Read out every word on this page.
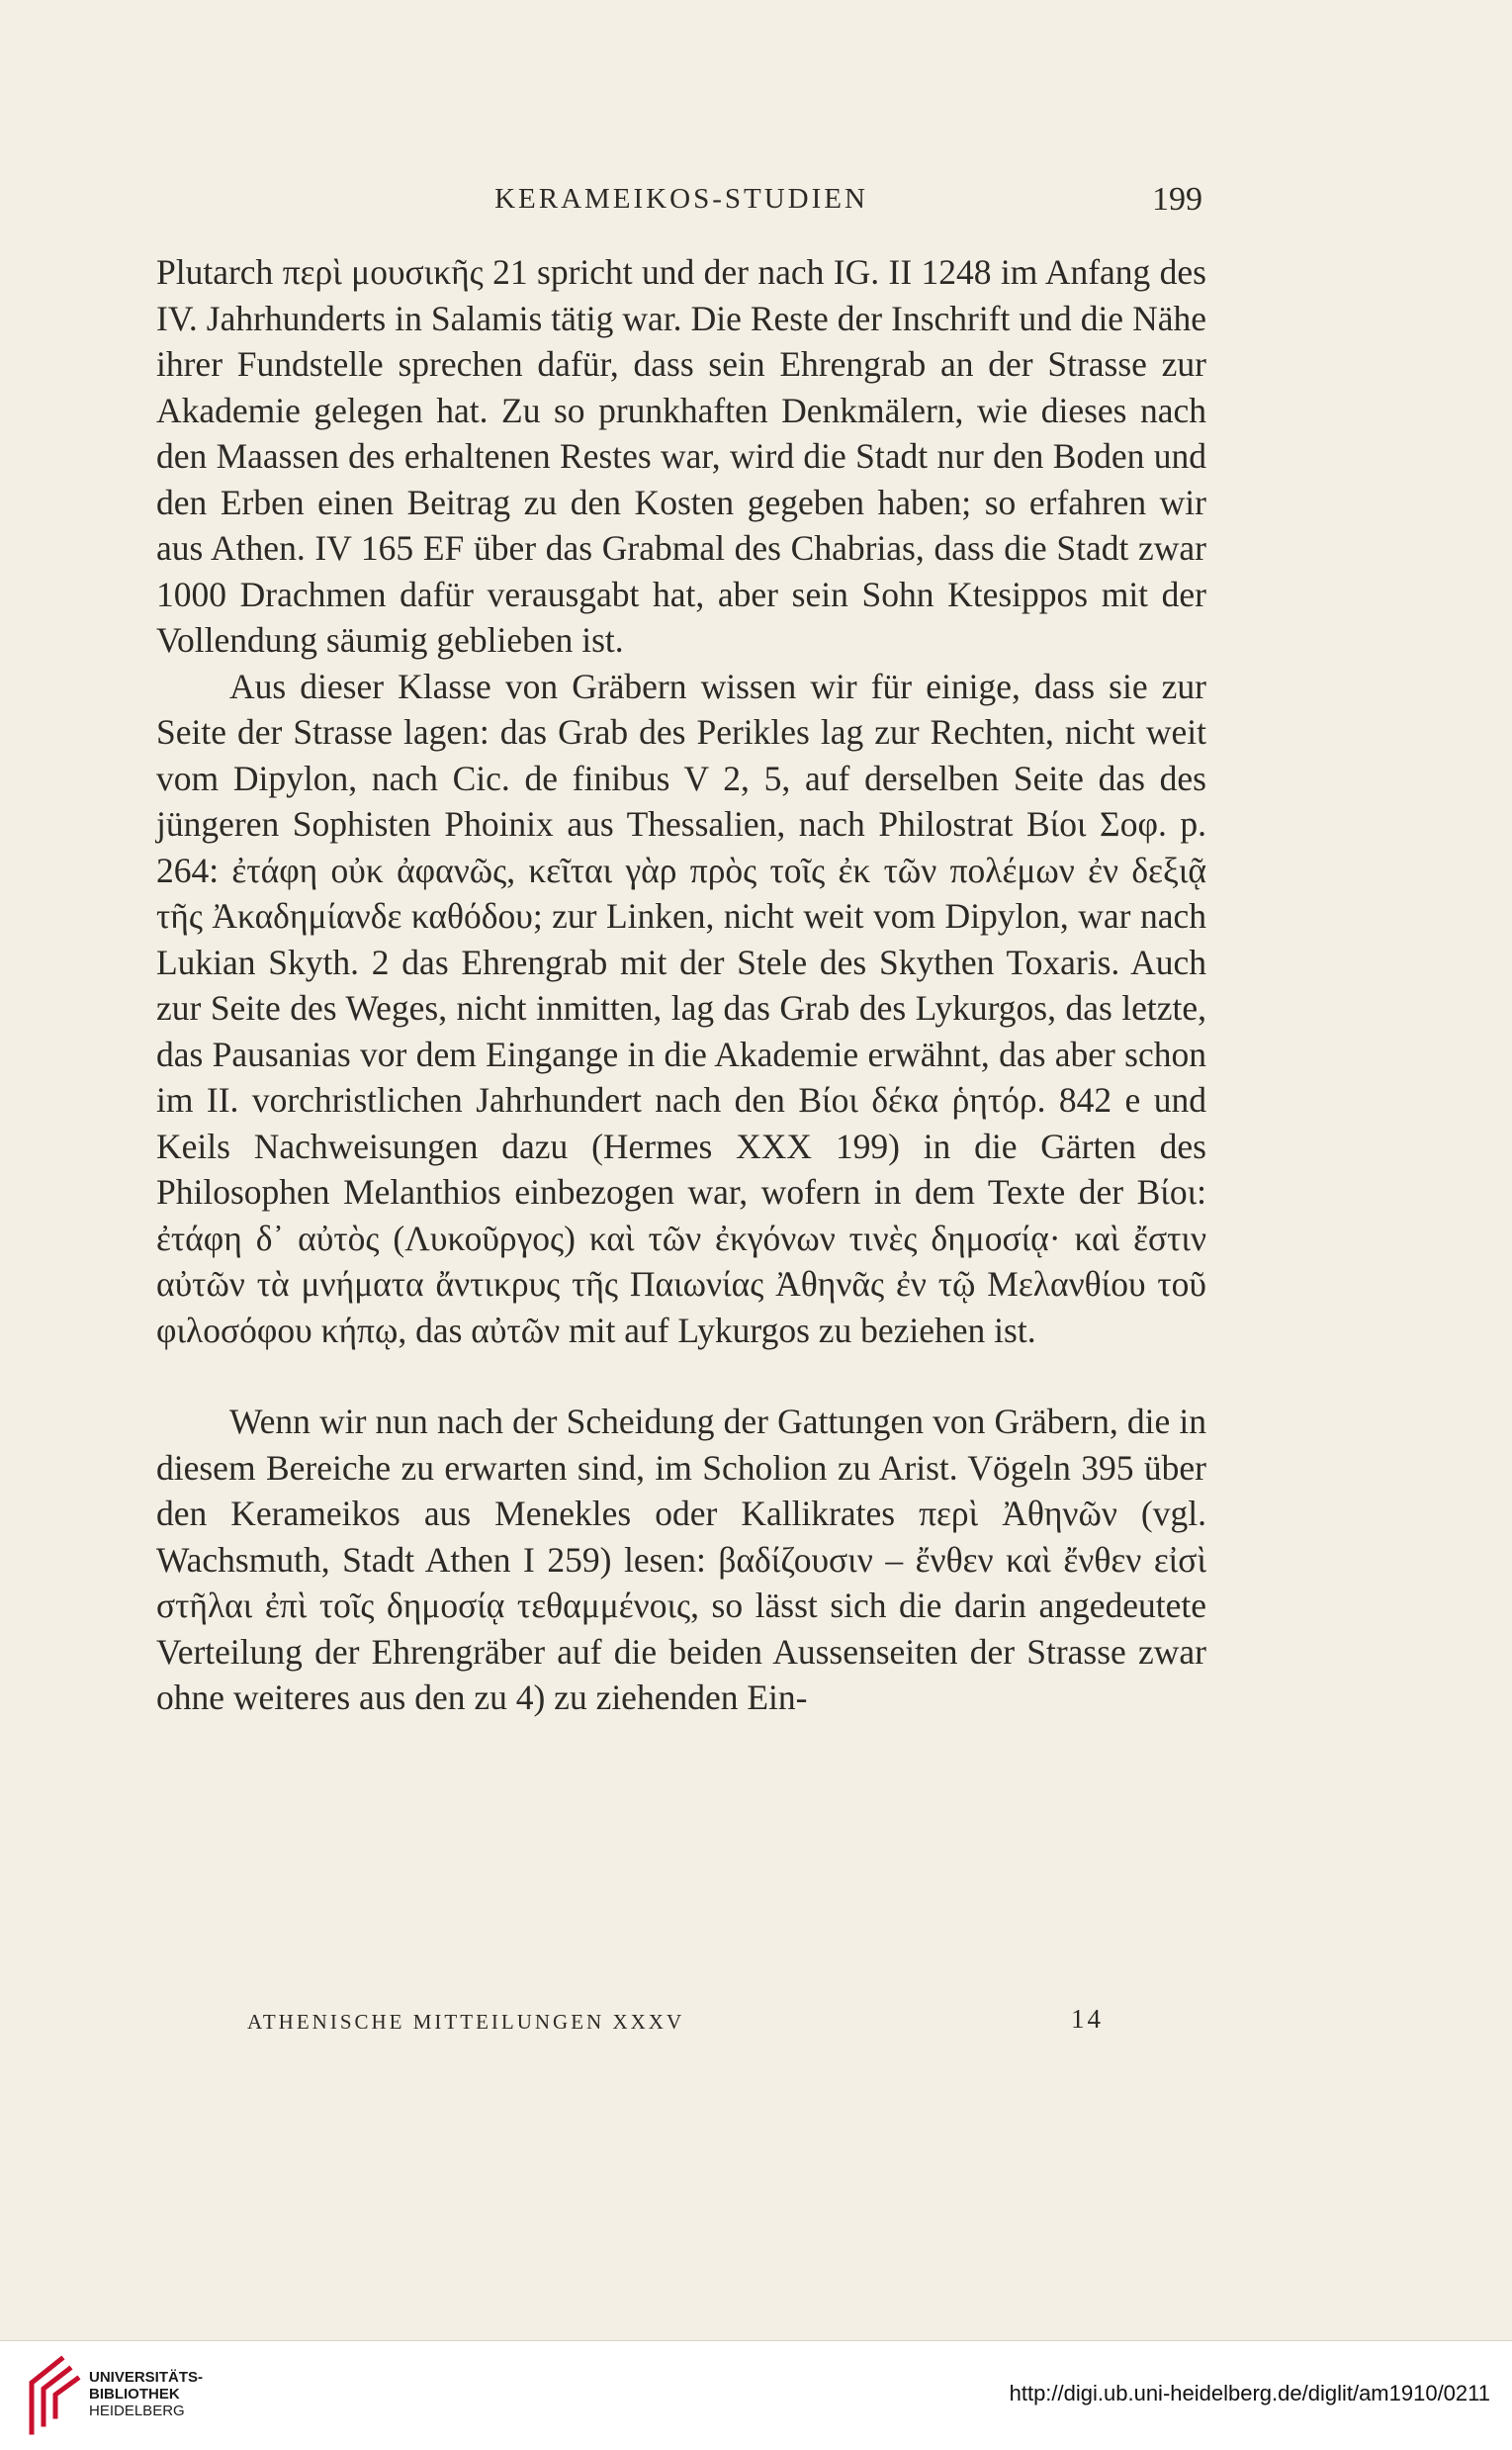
KERAMEIKOS-STUDIEN	199

Plutarch περὶ μουσικῆς 21 spricht und der nach IG. II 1248 im Anfang des IV. Jahrhunderts in Salamis tätig war. Die Reste der Inschrift und die Nähe ihrer Fundstelle sprechen dafür, dass sein Ehrengrab an der Strasse zur Akademie gelegen hat. Zu so prunkhaften Denkmälern, wie dieses nach den Maassen des erhaltenen Restes war, wird die Stadt nur den Boden und den Erben einen Beitrag zu den Kosten gegeben haben; so erfahren wir aus Athen. IV 165 EF über das Grabmal des Chabrias, dass die Stadt zwar 1000 Drachmen dafür verausgabt hat, aber sein Sohn Ktesippos mit der Vollendung säumig geblieben ist.

Aus dieser Klasse von Gräbern wissen wir für einige, dass sie zur Seite der Strasse lagen: das Grab des Perikles lag zur Rechten, nicht weit vom Dipylon, nach Cic. de finibus V 2, 5, auf derselben Seite das des jüngeren Sophisten Phoinix aus Thessalien, nach Philostrat Βίοι Σοφ. p. 264: ἐτάφη οὐκ ἀφανῶς, κεῖται γὰρ πρὸς τοῖς ἐκ τῶν πολέμων ἐν δεξιᾷ τῆς Ἀκαδημίανδε καθόδου; zur Linken, nicht weit vom Dipylon, war nach Lukian Skyth. 2 das Ehrengrab mit der Stele des Skythen Toxaris. Auch zur Seite des Weges, nicht inmitten, lag das Grab des Lykurgos, das letzte, das Pausanias vor dem Eingange in die Akademie erwähnt, das aber schon im II. vorchristlichen Jahrhundert nach den Βίοι δέκα ῥητόρ. 842 e und Keils Nachweisungen dazu (Hermes XXX 199) in die Gärten des Philosophen Melanthios einbezogen war, wofern in dem Texte der Βίοι: ἐτάφη δ᾿ αὐτὸς (Λυκοῦργος) καὶ τῶν ἐκγόνων τινὲς δημοσίᾳ· καὶ ἔστιν αὐτῶν τὰ μνήματα ἄντικρυς τῆς Παιωνίας Ἀθηνᾶς ἐν τῷ Μελανθίου τοῦ φιλοσόφου κήπῳ, das αὐτῶν mit auf Lykurgos zu beziehen ist.

Wenn wir nun nach der Scheidung der Gattungen von Gräbern, die in diesem Bereiche zu erwarten sind, im Scholion zu Arist. Vögeln 395 über den Kerameikos aus Menekles oder Kallikrates περὶ Ἀθηνῶν (vgl. Wachsmuth, Stadt Athen I 259) lesen: βαδίζουσιν – ἔνθεν καὶ ἔνθεν εἰσὶ στῆλαι ἐπὶ τοῖς δημοσίᾳ τεθαμμένοις, so lässt sich die darin angedeutete Verteilung der Ehrengräber auf die beiden Aussenseiten der Strasse zwar ohne weiteres aus den zu 4) zu ziehenden Ein-

ATHENISCHE MITTEILUNGEN XXXV	14
UNIVERSITÄTS-
BIBLIOTHEK
HEIDELBERG
http://digi.ub.uni-heidelberg.de/diglit/am1910/0211
